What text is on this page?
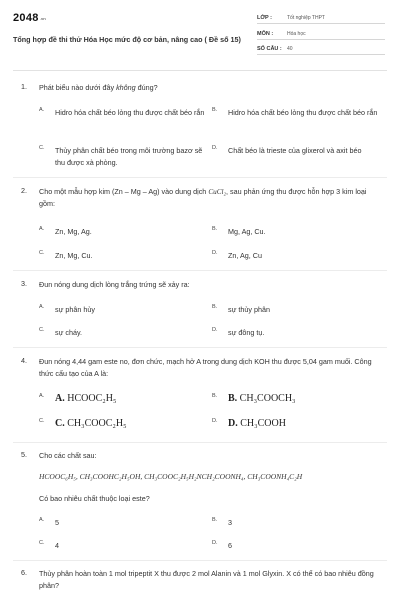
2048.vn
Tổng hợp đề thi thử Hóa Học mức độ cơ bản, nâng cao ( Đề số 15)
LỚP :	Tốt nghiệp THPT
MÔN :	Hóa học
SỐ CÂU : 40
1. Phát biểu nào dưới đây không đúng?
A. Hidro hóa chất béo lỏng thu được chất béo rắn B. Hidro hóa chất béo lỏng thu được chất béo rắn
C. Thủy phân chất béo trong môi trường bazơ sẽ thu được xà phòng.
D. Chất béo là trieste của glixerol và axit béo
2. Cho một mẫu hợp kim (Zn – Mg – Ag) vào dung dịch CuCl₂, sau phản ứng thu được hỗn hợp 3 kim loại gồm:
A. Zn, Mg, Ag.	B. Mg, Ag, Cu.
C. Zn, Mg, Cu.	D. Zn, Ag, Cu
3. Đun nóng dung dịch lòng trắng trứng sẽ xảy ra:
A. sự phân hủy	B. sự thủy phân
C. sự cháy.	D. sự đông tụ.
4. Đun nóng 4,44 gam este no, đơn chức, mạch hở A trong dung dịch KOH thu được 5,04 gam muối. Công thức cấu tạo của A là:
A. A. HCOOC₂H₅	B. B. CH₃COOCH₃
C. C. CH₃COOC₂H₅	D. D. CH₃COOH
5. Cho các chất sau:
HCOOC₆H₅, CH₃COOHC₂H₅OH, CH₃COOC₂H₅H₂NCH₂COONH₄, CH₃COONH₄C₂H
Có bao nhiêu chất thuộc loại este?
A. 5	B. 3
C. 4	D. 6
6. Thủy phân hoàn toàn 1 mol tripeptit X thu được 2 mol Alanin và 1 mol Glyxin. X có thể có bao nhiêu đồng phân?
